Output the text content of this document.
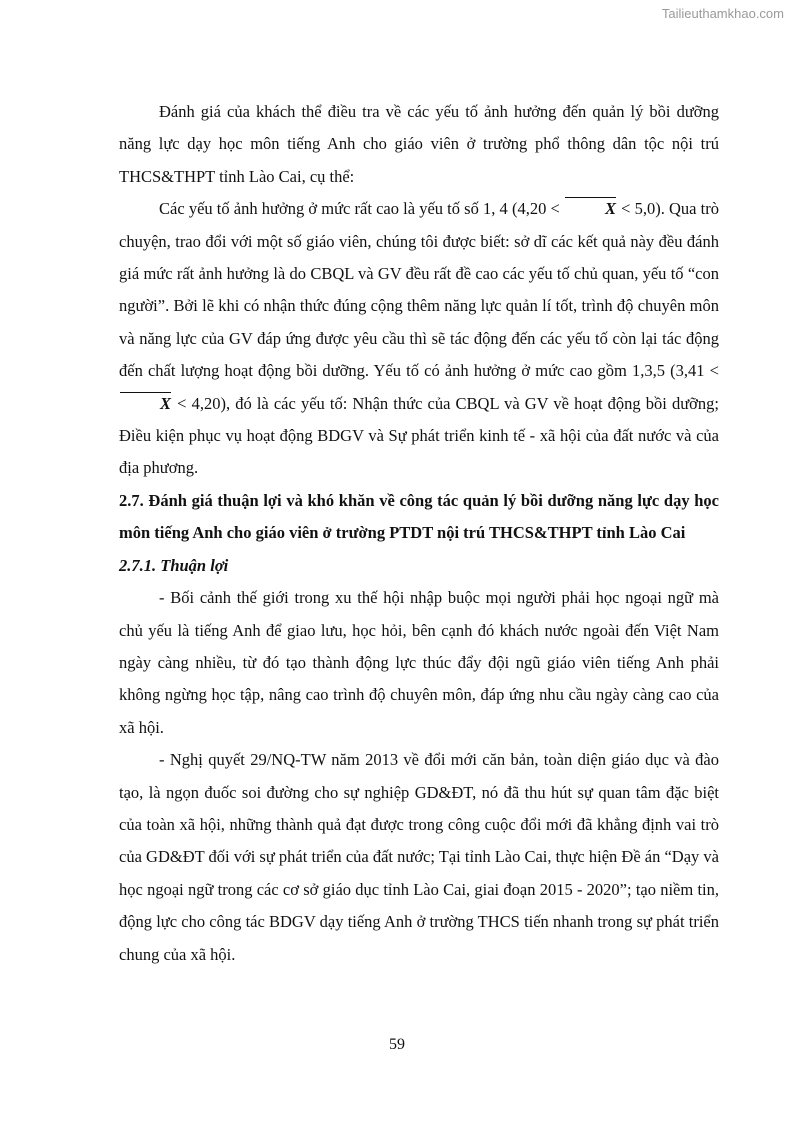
Tailieuthamkhao.com

Đánh giá của khách thể điều tra về các yếu tố ảnh hưởng đến quản lý bồi dưỡng năng lực dạy học môn tiếng Anh cho giáo viên ở trường phổ thông dân tộc nội trú THCS&THPT tỉnh Lào Cai, cụ thể:

Các yếu tố ảnh hưởng ở mức rất cao là yếu tố số 1, 4 (4,20 < X < 5,0). Qua trò chuyện, trao đổi với một số giáo viên, chúng tôi được biết: sở dĩ các kết quả này đều đánh giá mức rất ảnh hưởng là do CBQL và GV đều rất đề cao các yếu tố chủ quan, yếu tố “con người”. Bởi lẽ khi có nhận thức đúng cộng thêm năng lực quản lí tốt, trình độ chuyên môn và năng lực của GV đáp ứng được yêu cầu thì sẽ tác động đến các yếu tố còn lại tác động đến chất lượng hoạt động bồi dưỡng. Yếu tố có ảnh hưởng ở mức cao gồm 1,3,5 (3,41 < X < 4,20), đó là các yếu tố: Nhận thức của CBQL và GV về hoạt động bồi dưỡng; Điều kiện phục vụ hoạt động BDGV và Sự phát triển kinh tế - xã hội của đất nước và của địa phương.

2.7. Đánh giá thuận lợi và khó khăn về công tác quản lý bồi dưỡng năng lực dạy học môn tiếng Anh cho giáo viên ở trường PTDT nội trú THCS&THPT tỉnh Lào Cai
2.7.1. Thuận lợi

- Bối cảnh thế giới trong xu thế hội nhập buộc mọi người phải học ngoại ngữ mà chủ yếu là tiếng Anh để giao lưu, học hỏi, bên cạnh đó khách nước ngoài đến Việt Nam ngày càng nhiều, từ đó tạo thành động lực thúc đẩy đội ngũ giáo viên tiếng Anh phải không ngừng học tập, nâng cao trình độ chuyên môn, đáp ứng nhu cầu ngày càng cao của xã hội.

- Nghị quyết 29/NQ-TW năm 2013 về đổi mới căn bản, toàn diện giáo dục và đào tạo, là ngọn đuốc soi đường cho sự nghiệp GD&ĐT, nó đã thu hút sự quan tâm đặc biệt của toàn xã hội, những thành quả đạt được trong công cuộc đổi mới đã khẳng định vai trò của GD&ĐT đối với sự phát triển của đất nước; Tại tỉnh Lào Cai, thực hiện Đề án “Dạy và học ngoại ngữ trong các cơ sở giáo dục tỉnh Lào Cai, giai đoạn 2015 - 2020”; tạo niềm tin, động lực cho công tác BDGV dạy tiếng Anh ở trường THCS tiến nhanh trong sự phát triển chung của xã hội.

59
